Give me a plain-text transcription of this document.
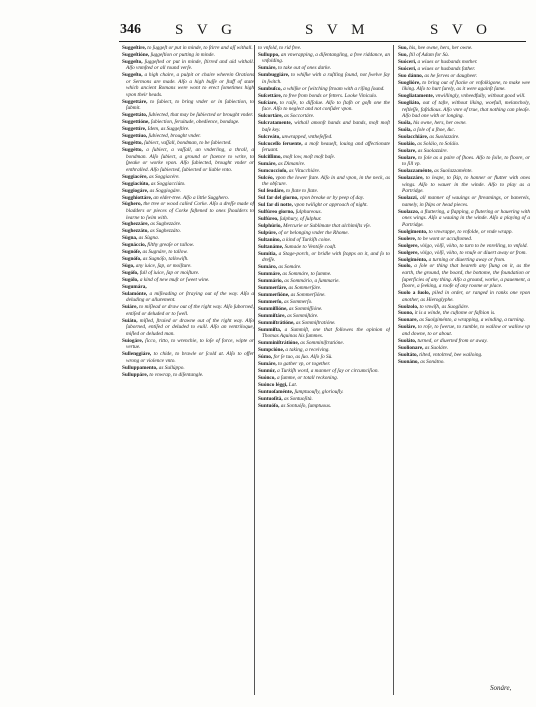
346 S V G	S V M	S V O

Suggeſtire, to ſuggeſt or put in minde, to ſtirre and aſſ withall.

Suggeſtióne, ſuggeſtion or putting in minde.

Suggeſto, ſuggeſted or put in minde, ſtirred and aid withall. Alſo vnmſted or all round verſe.

Suggeſto, a high chaire, a pulpit or chaire wherein Orations or Sermons are made. Alſo a high buſſe or ſtaff of state which ancient Romans were wont to erect ſometimes high vpon their heads.

Suggettáre, to ſubiect, to bring vnder or in ſubiection, to ſubmit.

Suggettáto, ſubiected, that may be ſubiected or brought vnder.

Suggettióne, ſubiection, ſeruitude, obedience, bondage.

Suggettíre, Idem, as Suggeſtire.

Suggettíuo, ſubiected, brought vnder.

Suggétto, ſubiect, vaſſall, bondman, to be ſubiected.

Suggétto, a ſubiect, a vaſſall, an vnderling, a thrall, a bondman. Alſo ſubiect, a ground or ſtaence to write, to ſpeake or worke vpon. Alſo ſubiected, brought vnder or enthralled. Alſo ſubiected, ſubiected or liable vnto.

Suggiacére, as Soggiacére.

Suggiaciúto, as Soggiacciúto.

Suggiogáre, as Soggiogáre.

Sugghiottáre, an elder-tree. Alſo a little Sugghero.

Sùghero, the tree or wood called Corke. Alſo a dreſſe made of bladders or pieces of Corke faſtened to ones ſhoulders to learne to ſwim with.

Sughezzáre, as Sughezzáre.

Sughezzáto, as Sughezzáto.

Sùgna, as Sùgna.

Sugnáccio, filthy greaſe or tallow.

Sugnóſe, as Sugnáre, to tallow.

Sugnóſo, as Sugnóſo, tallowiſh.

Sùgo, any iuice, ſap, or moiſture.

Sugóſo, full of iuice, ſap or moiſture.

Sugólo, a kind of new muſt or ſweet wine.

Sugumára,

Sulamónte, a miſleading or ſtraying out of the way. Alſo a deluding or allurement.

Suiáre, to miſlead or draw out of the right way. Alſo ſuborned, entiſed or deluded or to ſwell.

Suiáto, miſled, ſtraied or drawne out of the right way. Alſo ſuborned, entiſed or deluded to euill. Alſo an ventriloque, miſled or deluded man.

Suiogáre, ſicco, ritto, to wrenchie, to loſe of force, wipte or vertue.

Sullenggiáre, to chide, to brawle or ſcold at. Alſo to offer wrong or violence vnto.

Sulluppamento, as Sullúppo.

Sulluppáre, to vnwrap, to diſentangle.

to vnfold, to rid free.

Sulluppo, an vnwrapping, a diſentangling, a free riddance, an vnfolding.

Sumáre, to take out of ones darke.

Sumbuggiáre, to whiſke with a ruſtling ſound, not ſwelve ſay in ſwitch.

Sumbuſco, a whiſke or ſwitching ſtroam with a riſing ſound.

Suſcettáre, to free from bonds or fetters. Looke Viniculo.

Suſcíare, to raiſe, to diſſolue. Alſo to ſtaſh or goſh one the face. Alſo to neglect and not conſider vpon.

Sulcortáre, as Soccortáre.

Sulcratamente, withall amonſt hands and bands, moſt moſt baſe key.

Sulcreáto, unwrapped, vntheſeſſed.

Sulcuceſſo ſeruente, a moſt heaueſt, louing and affectionate ſeruant.

Sulciſſimo, moſt low, moſt moſt baſe.

Sumáre, as Dimaníre.

Sumcuccioſo, as Vitucchiáre.

Sulcéo, vpon the lower ſtate. Alſo in and vpon, in the neck, as the obſcure.

Sul ſeudáre, to ſtate to ſtate.

Sul far del giorno, vpon breake or by peep of day.

Sul far di notte, vpon twilight or approach of night.

Sulfúreo giorno, ſulphureous.

Sulfúreo, ſulphury, of ſulphur.

Sulphúrio, Mercurie or Sublimate that alchimiſts vſe.

Sulpúre, of or belonging vnder the Rhome.

Sultaníno, a kind of Turkiſh coine.

Sultanáme, Sumaáe to Ventóſe coaſt.

Sumítia, a Stage-porch, or bridle with ſtopps on it, and ſo to dreſſe.

Sumáro, as Somáre.

Summáre, as Sommáre, to ſumme.

Summário, as Sommário, a ſummarie.

Summerſáre, as Sommerſáre.

Summerſíóne, as Sommerſíóne.

Summerſo, as Sommerſo.

Summiſſióne, as Sommiſſióne.

Summiſtáre, as Sommiſtáre.

Summiſtrátióne, as Sommiſtratióne.

Summiſta, a Summiſt, one that followes the opinion of Thomas Aquinas his ſummes.

Summiniſtrátióne, as Somminiſtratióne.

Sumpcióne, a taking, a receiving.

Súmo, for ſe tuo, as ſuo. Alſo ſo Sù.

Sumáre, to gather vp, or together.

Sunnúr, a Turkiſh word, a manner of ſay or circumciſion.

Suónco, a ſumme, or totall reckoning.

Suónco léggi, Lat.

Suntuoſaménte, ſumptuouſly, gloriouſly.

Suntuoſità, as Sontuoſità.

Suntuóſo, as Sontuóſo, ſumptuous.

Suo, his, hee owne, hers, her owne.

Suo, ſtil of Adam for Sù.

Suóceri, a wiues or husbands mother.

Suóceri, a wiues or husbands father.

Suo dánno, as he ſerves or daugheer.

Suoglióre, to bring out of ſlacke or vnfolkigone, to make wee liking. Alſo to hurt ſurely, as it were againſt ſame.

Suogliatamente, vnwillingly, vnheedfully, without good will.

Suogliáto, out of taſte, without liking, woefull, melancholy, reſtleſſe, faſtidious. Alſo vnre of true, that nothing can pleaſe. Alſo bad one with or longing.

Suóla, his owne, hers, her owne.

Suóla, a ſole of a ſhoe, &c.

Suolacchiáre, as Suolazzáre.

Suoláio, as Soláio, to Soláio.

Suolare, as Suolazzáre.

Suolare, to ſole as a paire of ſhoes. Alſo to ſoile, to floore, or to ſill vp.

Suolazzaménte, as Suolazzaménte.

Suolazzáre, to leape, to ſkip, to hanner or flutter with ones wings. Alſo to wauer in the winde. Alſo to play as a Partridge.

Suolazzi, all manner of wauings or ſtreamings, or banerels, namely, in ſhips or head pieces.

Suolazzo, a fluttering, a flapping, a flutering or hauering with ones wings. Alſo a wauing in the winde. Alſo a playing of a Partridge.

Suolgimento, to vnwrappe, to vnfolde, or vnde wrapp.

Suolere, to be wont or accuſtomed.

Suolgere, vòlgo, vòlſi, vòlto, to turn to be vnrelling, to vnfold.

Suolgere, vòlgo, vòlſi, vòlto, to vnuſe or diuert away or from.

Suolgiménto, a turning or diuerting away or from.

Suolo, a ſole or thing that beareth any ſlung on it, as the earth, the ground, the board, the bottome, the foundation or ſuperficies of any thing. Alſo a ground, worke, a pauement, a floore, a ſeeking, a roofe of any roome or place.

Suolo a ſuolo, piled in order, or ranged in ranks one vpon another, as Hieroglyphe.

Suolzolo, to vnwiſh, as Suogliáre.

Suono, it is a winde, the cuſtome or faſhion is.

Suonare, as Suolgiménto, a wrapping, a winding, a turning.

Suoláre, to roſe, to ſwerue, to rumble, to wallow or wallow vp and downe, to or about.

Suoláto, turned, or diuerted from or away.

Suolionare, as Suoláre.

Suoltáto, tilted, vntoltred, bee walloing.

Suonáno, as Sonátno.

Sonáre,
